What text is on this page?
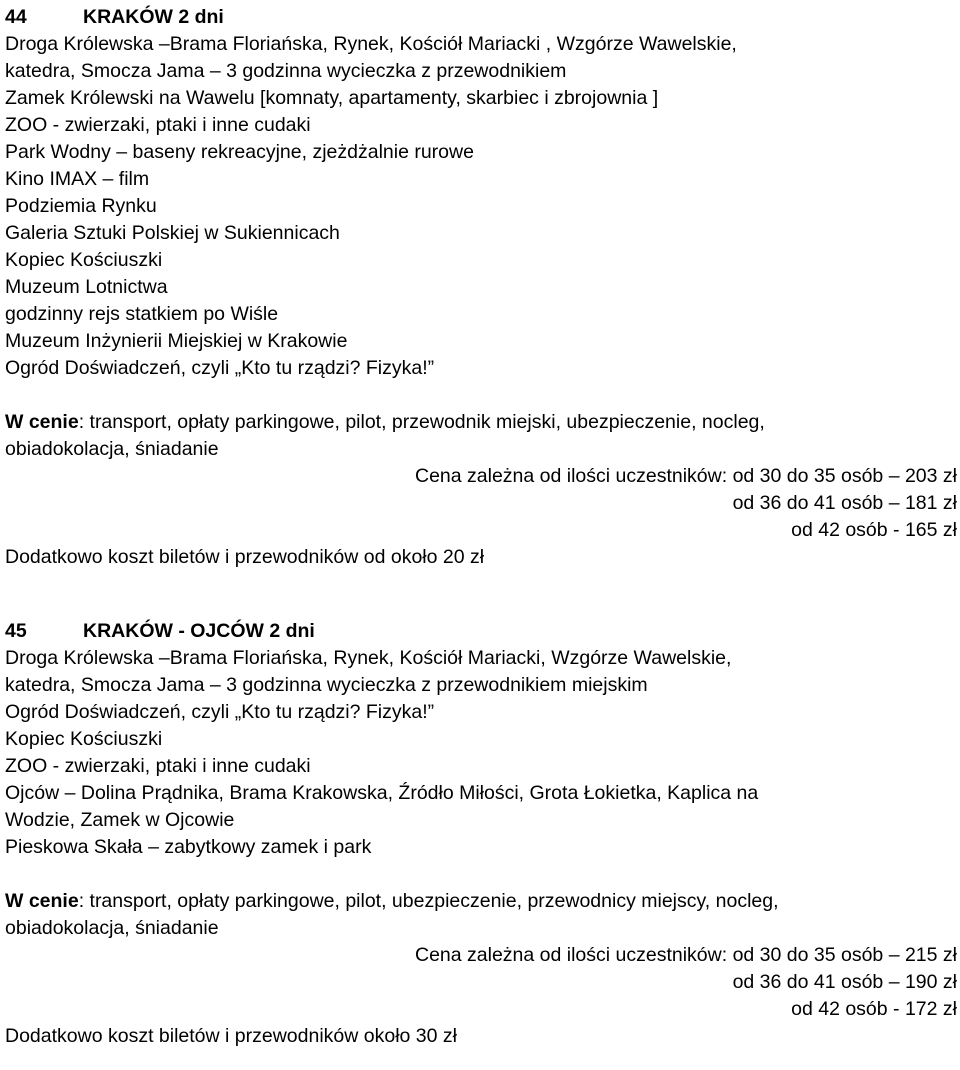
44	KRAKÓW 2 dni
Droga Królewska –Brama Floriańska, Rynek, Kościół Mariacki , Wzgórze Wawelskie,
katedra, Smocza Jama – 3 godzinna wycieczka z przewodnikiem
Zamek Królewski na Wawelu [komnaty, apartamenty, skarbiec i zbrojownia ]
ZOO - zwierzaki, ptaki i inne cudaki
Park Wodny – baseny rekreacyjne, zjeżdżalnie rurowe
Kino IMAX – film
Podziemia Rynku
Galeria Sztuki Polskiej w Sukiennicach
Kopiec Kościuszki
Muzeum Lotnictwa
godzinny rejs statkiem po Wiśle
Muzeum Inżynierii Miejskiej w Krakowie
Ogród Doświadczeń, czyli „Kto tu rządzi? Fizyka!”
W cenie: transport, opłaty parkingowe, pilot, przewodnik miejski, ubezpieczenie, nocleg,
obiadokolacja, śniadanie
Cena zależna od ilości uczestników: od 30 do 35 osób – 203 zł
od 36 do 41 osób – 181 zł
od 42 osób - 165 zł
Dodatkowo koszt biletów i przewodników od około 20 zł
45	KRAKÓW - OJCÓW 2 dni
Droga Królewska –Brama Floriańska, Rynek, Kościół Mariacki, Wzgórze Wawelskie,
katedra, Smocza Jama – 3 godzinna wycieczka z przewodnikiem miejskim
Ogród Doświadczeń, czyli „Kto tu rządzi? Fizyka!”
Kopiec Kościuszki
ZOO - zwierzaki, ptaki i inne cudaki
Ojców – Dolina Prądnika, Brama Krakowska, Źródło Miłości, Grota Łokietka, Kaplica na
Wodzie, Zamek w Ojcowie
Pieskowa Skała – zabytkowy zamek i park
W cenie: transport, opłaty parkingowe, pilot, ubezpieczenie, przewodnicy miejscy, nocleg,
obiadokolacja, śniadanie
Cena zależna od ilości uczestników: od 30 do 35 osób – 215 zł
od 36 do 41 osób – 190 zł
od 42 osób - 172 zł
Dodatkowo koszt biletów i przewodników około 30 zł
